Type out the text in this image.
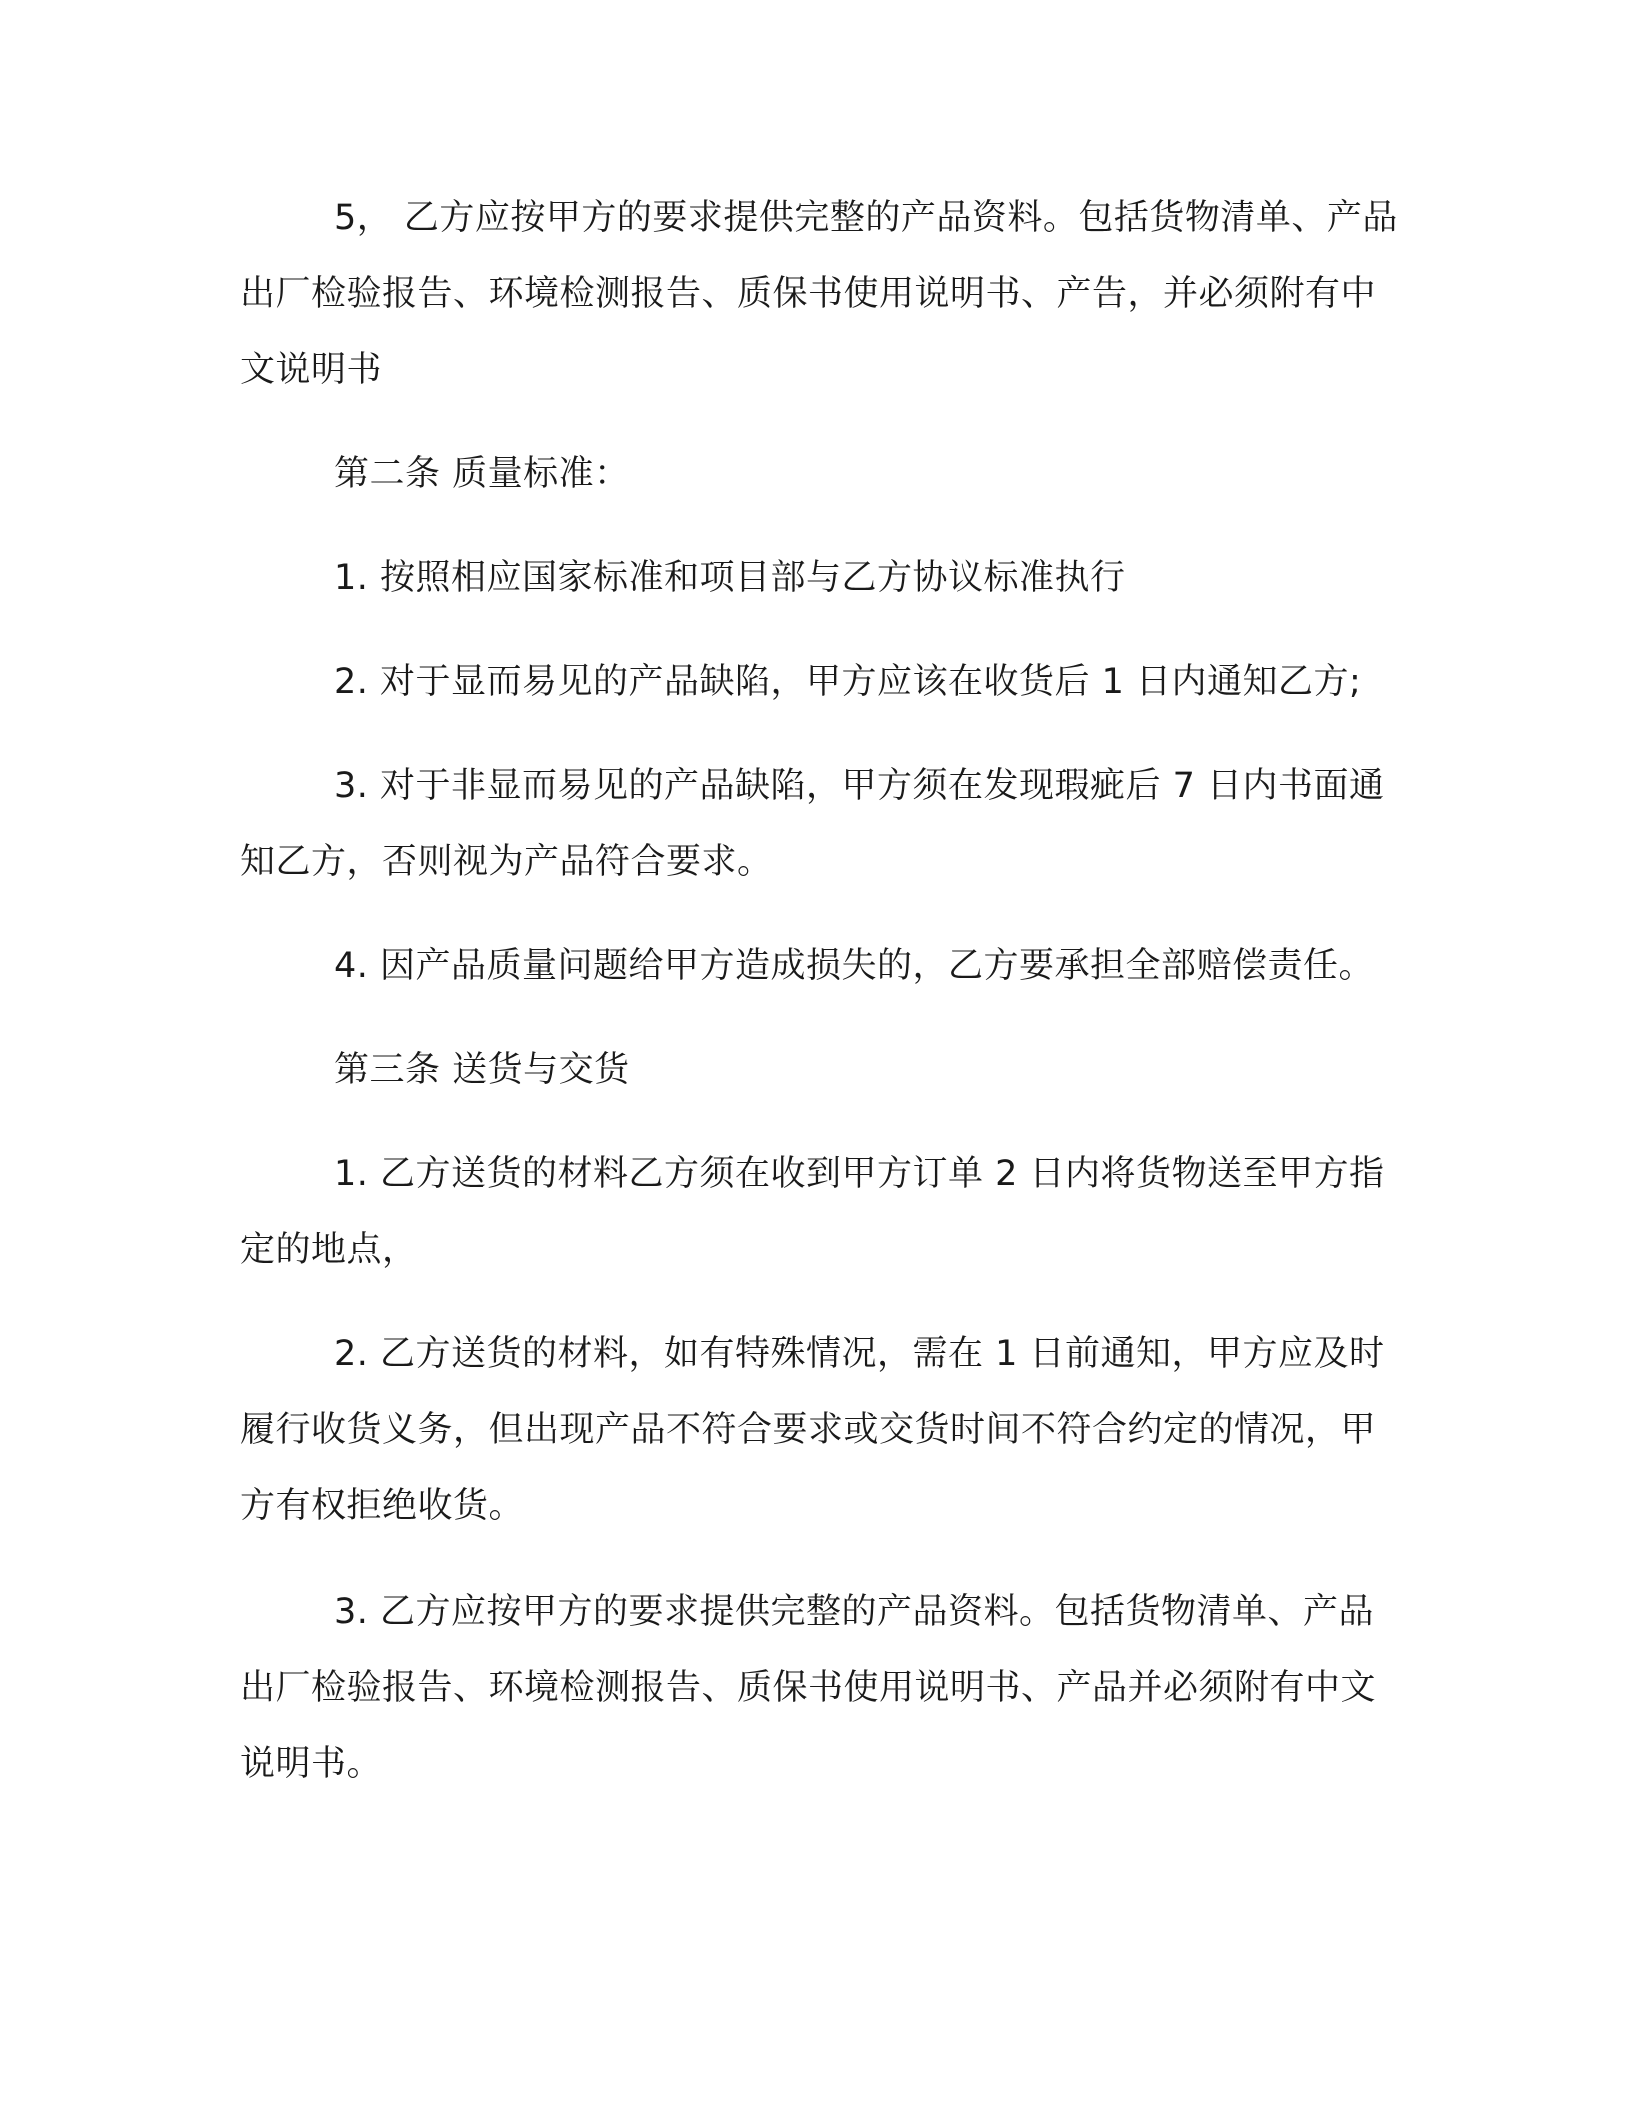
5， 乙方应按甲方的要求提供完整的产品资料。包括货物清单、产品出厂检验报告、环境检测报告、质保书使用说明书、产告，并必须附有中文说明书

第二条 质量标准：

1. 按照相应国家标准和项目部与乙方协议标准执行

2. 对于显而易见的产品缺陷，甲方应该在收货后 1 日内通知乙方;

3. 对于非显而易见的产品缺陷，甲方须在发现瑕疵后 7 日内书面通知乙方，否则视为产品符合要求。

4. 因产品质量问题给甲方造成损失的，乙方要承担全部赔偿责任。

第三条 送货与交货

1. 乙方送货的材料乙方须在收到甲方订单 2 日内将货物送至甲方指定的地点，

2. 乙方送货的材料，如有特殊情况，需在 1 日前通知，甲方应及时履行收货义务，但出现产品不符合要求或交货时间不符合约定的情况，甲方有权拒绝收货。

3. 乙方应按甲方的要求提供完整的产品资料。包括货物清单、产品出厂检验报告、环境检测报告、质保书使用说明书、产品并必须附有中文说明书。
